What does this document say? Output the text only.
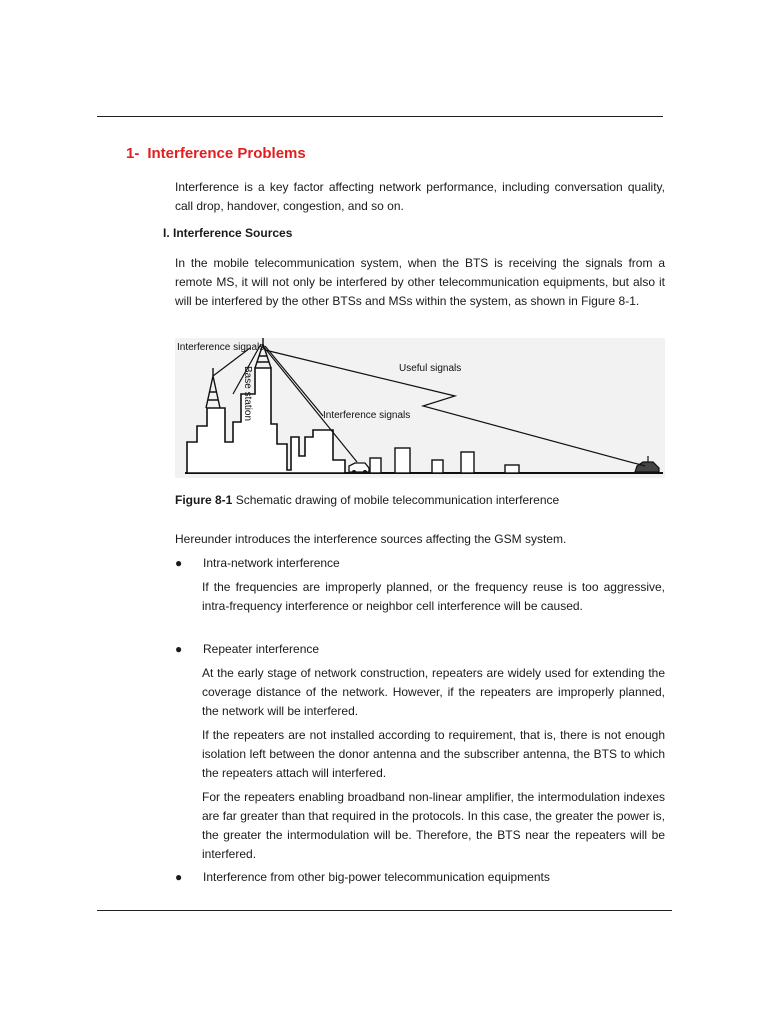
1- Interference Problems

Interference is a key factor affecting network performance, including conversation quality, call drop, handover, congestion, and so on.

I. Interference Sources

In the mobile telecommunication system, when the BTS is receiving the signals from a remote MS, it will not only be interfered by other telecommunication equipments, but also it will be interfered by the other BTSs and MSs within the system, as shown in Figure 8-1.

Interference signals
Useful signals
Interference signals
Base station
Figure 8-1 Schematic drawing of mobile telecommunication interference

Hereunder introduces the interference sources affecting the GSM system.

● Intra-network interference

If the frequencies are improperly planned, or the frequency reuse is too aggressive, intra-frequency interference or neighbor cell interference will be caused.

● Repeater interference

At the early stage of network construction, repeaters are widely used for extending the coverage distance of the network. However, if the repeaters are improperly planned, the network will be interfered.

If the repeaters are not installed according to requirement, that is, there is not enough isolation left between the donor antenna and the subscriber antenna, the BTS to which the repeaters attach will interfered.

For the repeaters enabling broadband non-linear amplifier, the intermodulation indexes are far greater than that required in the protocols. In this case, the greater the power is, the greater the intermodulation will be. Therefore, the BTS near the repeaters will be interfered.

● Interference from other big-power telecommunication equipments
